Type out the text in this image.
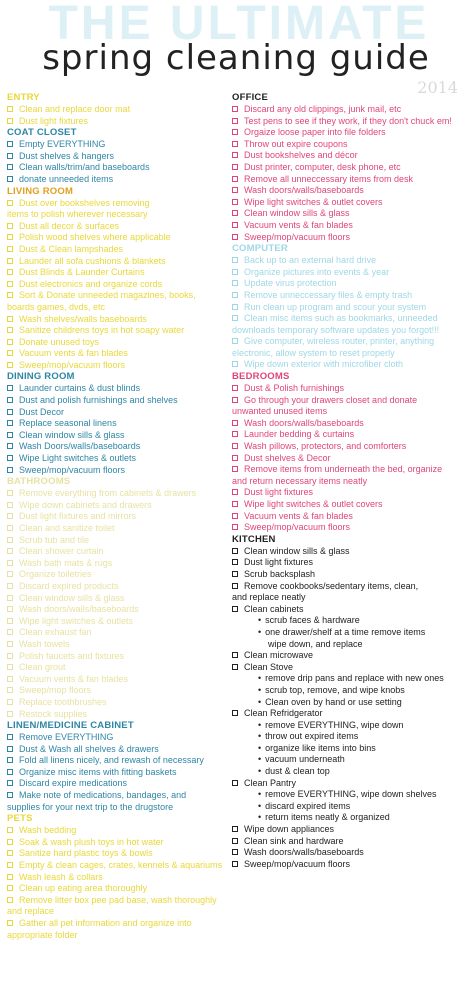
THE ULTIMATE
spring cleaning guide
2014
ENTRY
Clean and replace door mat
Dust light fixtures
COAT CLOSET
Empty EVERYTHING
Dust shelves & hangers
Clean walls/trim/and baseboards
donate unneeded items
LIVING ROOM
Dust over bookshelves removing
items to polish wherever necessary
Dust all decor & surfaces
Polish wood shelves where applicable
Dust & Clean lampshades
Launder all sofa cushions & blankets
Dust Blinds & Launder Curtains
Dust electronics and organize cords
Sort & Donate unneeded magazines, books,
boards games, dvds, etc
Wash shelves/walls baseboards
Sanitize childrens toys in hot soapy water
Donate unused toys
Vacuum vents & fan blades
Sweep/mop/vacuum floors
DINING ROOM
Launder curtains & dust blinds
Dust and polish furnishings and shelves
Dust Decor
Replace seasonal linens
Clean window sills & glass
Wash Doors/walls/baseboards
Wipe Light switches & outlets
Sweep/mop/vacuum floors
BATHROOMS
Remove everything from cabinets & drawers
Wipe down cabinets and drawers
Dust light fixtures and mirrors
Clean and sanitize toilet
Scrub tub and tile
Clean shower curtain
Wash bath mats & rugs
Organize toiletries
Discard expired products
Clean window sills & glass
Wash doors/walls/baseboards
Wipe light switches & outlets
Clean exhaust fan
Wash towels
Polish faucets and fixtures
Clean grout
Vacuum vents & fan blades
Sweep/mop floors
Replace toothbrushes
Restock supplies
LINEN/MEDICINE CABINET
Remove EVERYTHING
Dust & Wash all shelves & drawers
Fold all linens nicely, and rewash of necessary
Organize misc items with fitting baskets
Discard expire medications
Make note of medications, bandages, and
supplies for your next trip to the drugstore
PETS
Wash bedding
Soak & wash plush toys in hot water
Sanitize hard plastic toys & bowls
Empty & clean cages, crates, kennels & aquariums
Wash leash & collars
Clean up eating area thoroughly
Remove litter box pee pad base, wash thoroughly
and replace
Gather all pet information and organize into
appropriate folder
OFFICE
Discard any old clippings, junk mail, etc
Test pens to see if they work, if they don't chuck em!
Orgaize loose paper into file folders
Throw out expire coupons
Dust bookshelves and décor
Dust printer, computer, desk phone, etc
Remove all unneccessary items from desk
Wash doors/walls/baseboards
Wipe light switches & outlet covers
Clean window sills & glass
Vacuum vents & fan blades
Sweep/mop/vacuum floors
COMPUTER
Back up to an external hard drive
Organize pictures into events & year
Update virus protection
Remove unneccessary files & empty trash
Run clean up program and scour your system
Clean misc items such as bookmarks, unneeded
downloads temporary software updates you forgot!!!
Give computer, wireless router, printer, anything
electronic, allow system to reset properly
Wipe down exterior with microfiber cloth
BEDROOMS
Dust & Polish furnishings
Go through your drawers closet and donate
unwanted unused items
Wash doors/walls/baseboards
Launder bedding & curtains
Wash pillows, protectors, and comforters
Dust shelves & Decor
Remove items from underneath the bed, organize
and return necessary items neatly
Dust light fixtures
Wipe light switches & outlet covers
Vacuum vents & fan blades
Sweep/mop/vacuum floors
KITCHEN
Clean window sills & glass
Dust light fixtures
Scrub backsplash
Remove cookbooks/sedentary items, clean,
and replace neatly
Clean cabinets
• scrub faces & hardware
• one drawer/shelf at a time remove items
wipe down, and replace
Clean microwave
Clean Stove
• remove drip pans and replace with new ones
• scrub top, remove, and wipe knobs
• Clean oven by hand or use setting
Clean Refridgerator
• remove EVERYTHING, wipe down
• throw out expired items
• organize like items into bins
• vacuum underneath
• dust & clean top
Clean Pantry
• remove EVERYTHING, wipe down shelves
• discard expired items
• return items neatly & organized
Wipe down appliances
Clean sink and hardware
Wash doors/walls/baseboards
Sweep/mop/vacuum floors
